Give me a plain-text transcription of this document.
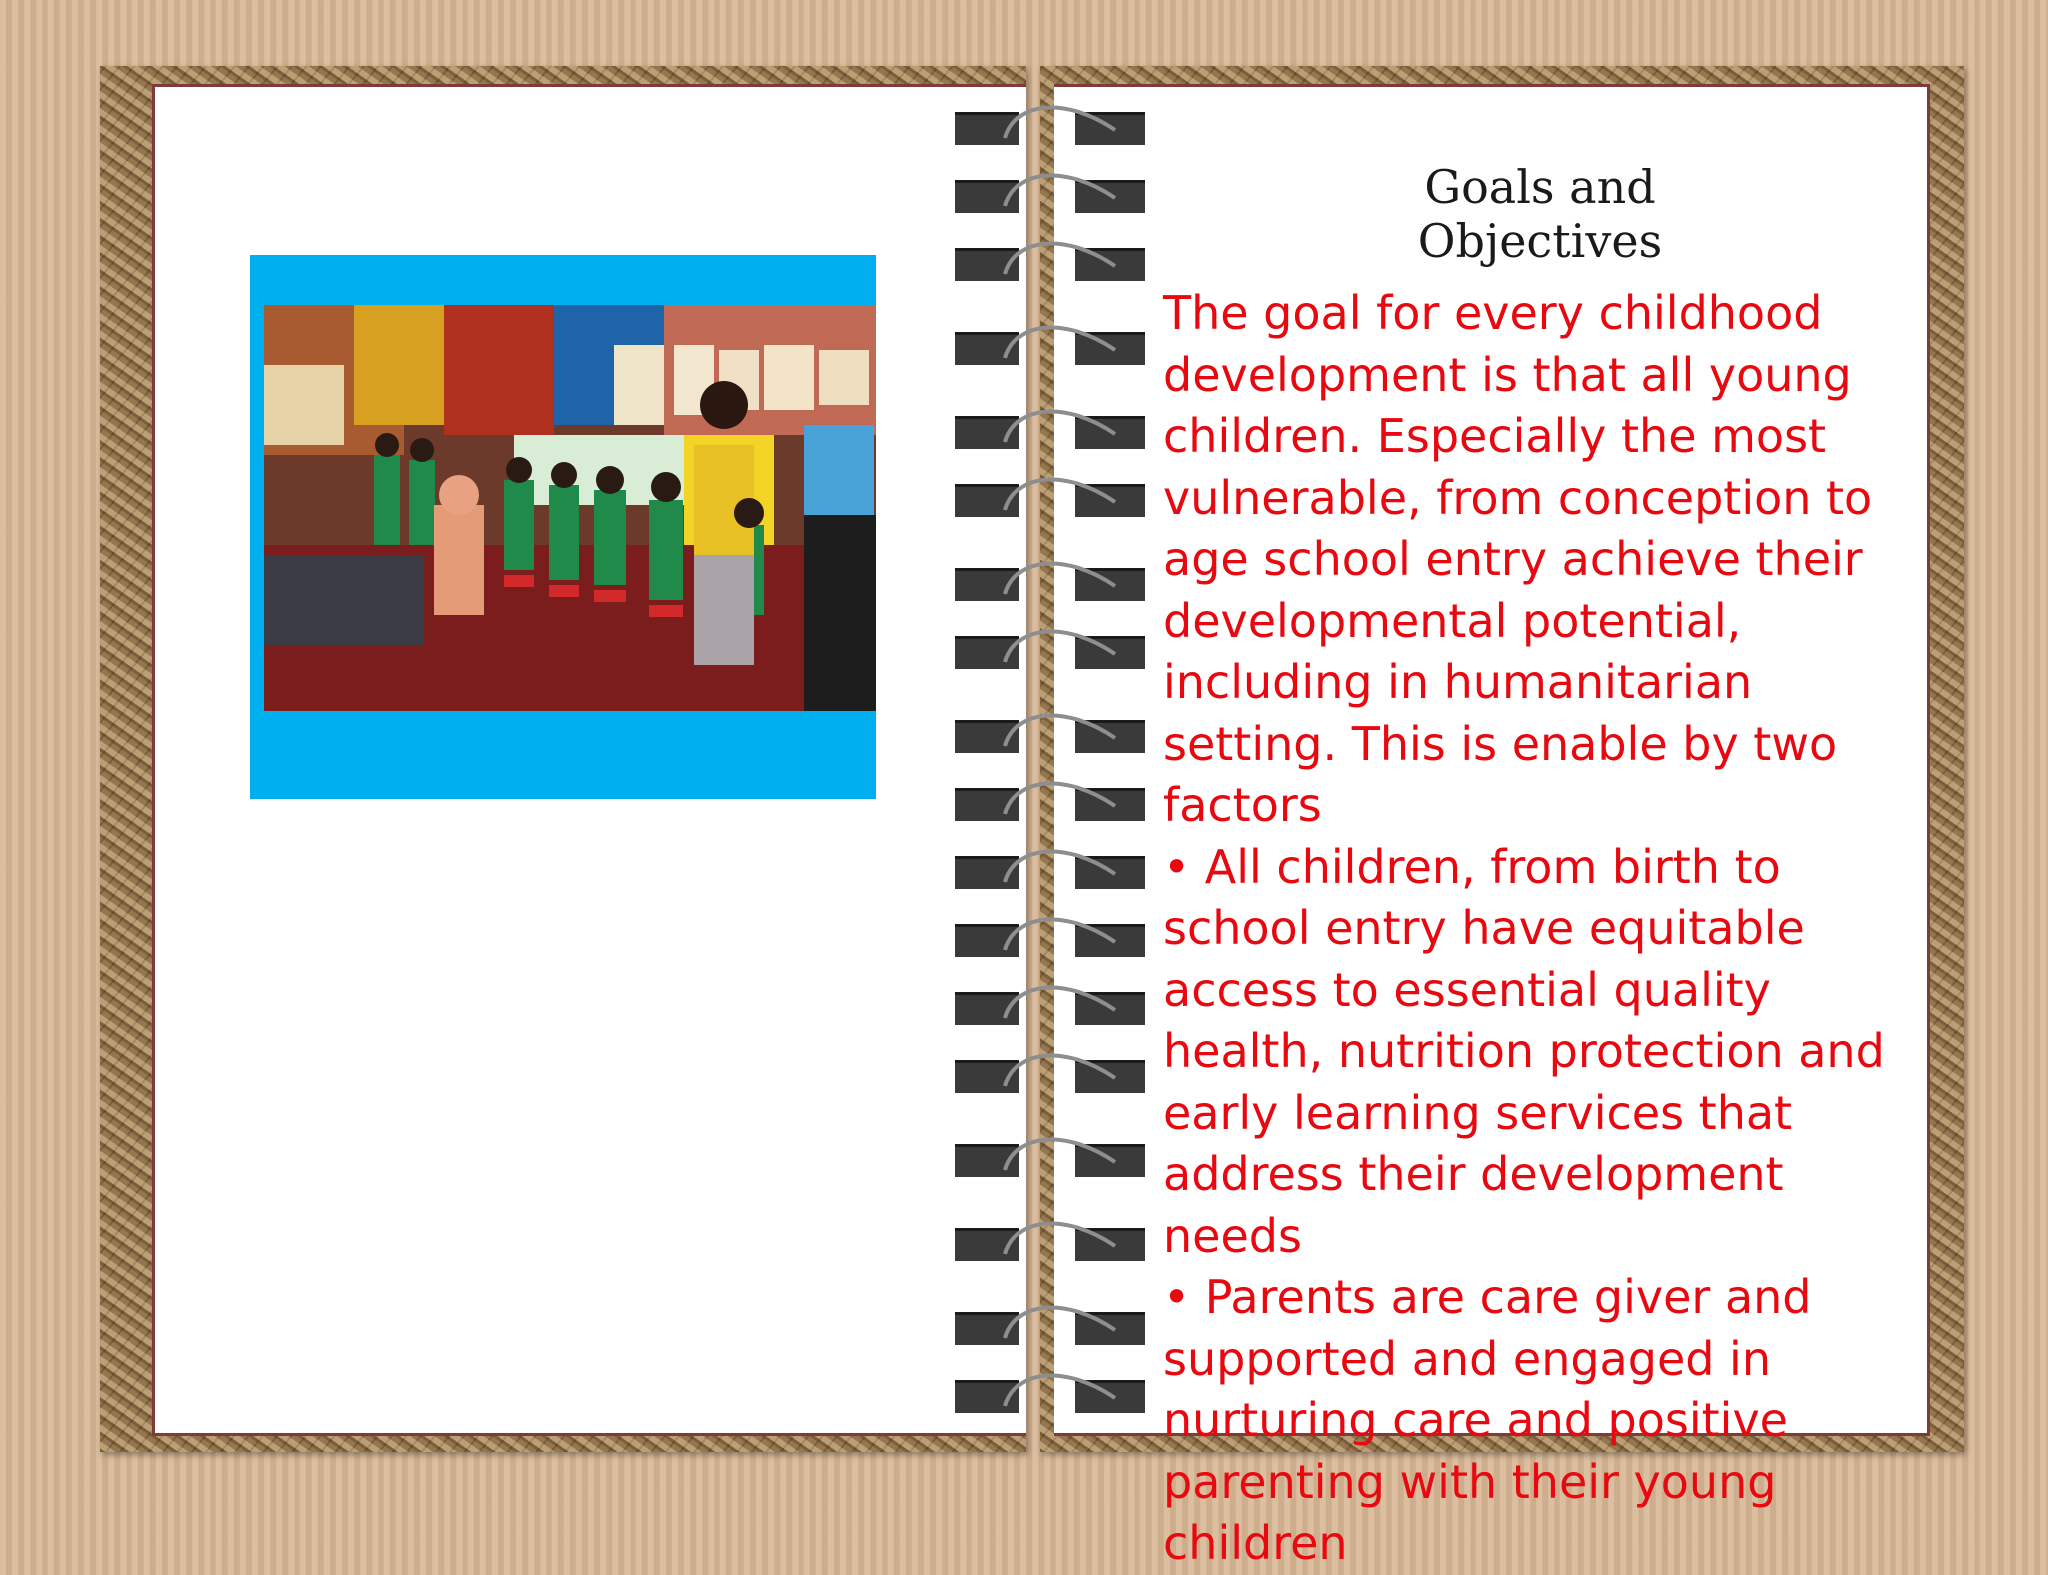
Goals and Objectives

The goal for every childhood development is that all young children. Especially the most vulnerable, from conception to age school entry achieve their developmental potential, including in humanitarian setting. This is enable by two factors

• All children, from birth to school entry have equitable access to essential quality health, nutrition protection and early learning services that address their development needs

• Parents are care giver and supported and engaged in nurturing care and positive parenting with their young children
